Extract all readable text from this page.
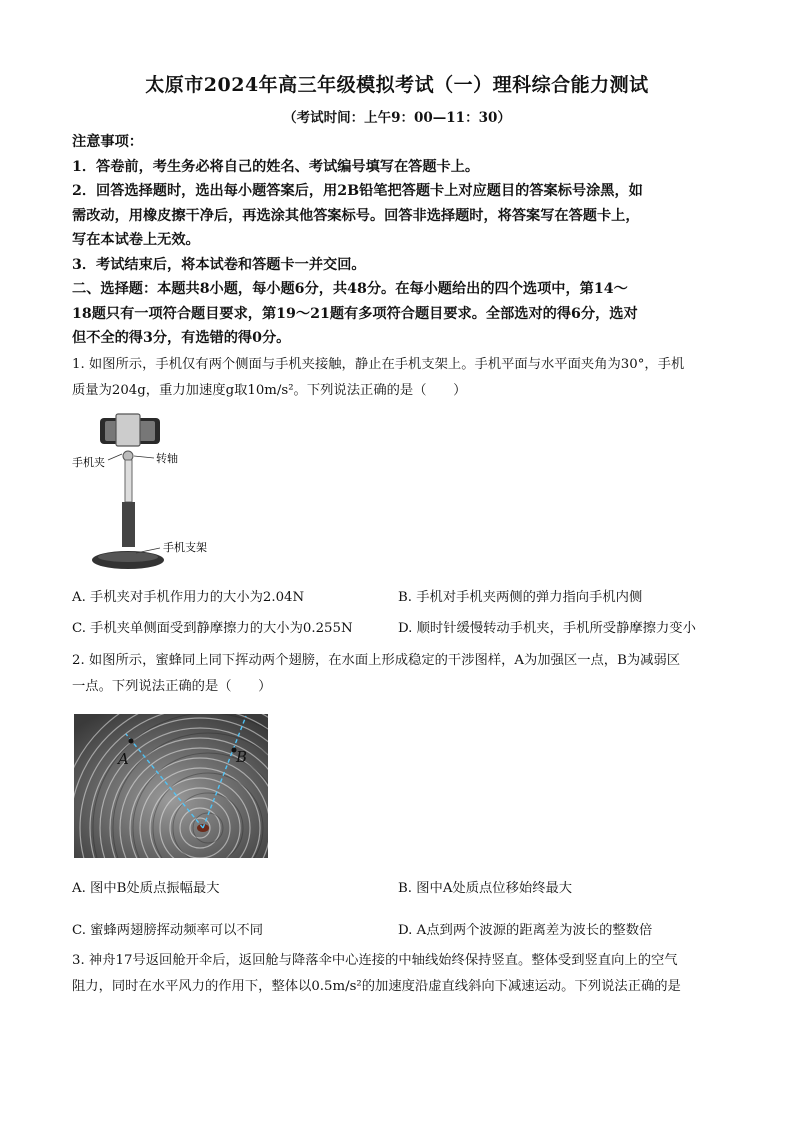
太原市2024年高三年级模拟考试（一）理科综合能力测试
（考试时间：上午9：00—11：30）
注意事项：
1．答卷前，考生务必将自己的姓名、考试编号填写在答题卡上。
2．回答选择题时，选出每小题答案后，用2B铅笔把答题卡上对应题目的答案标号涂黑，如
需改动，用橡皮擦干净后，再选涂其他答案标号。回答非选择题时，将答案写在答题卡上，
写在本试卷上无效。
3．考试结束后，将本试卷和答题卡一并交回。
二、选择题：本题共8小题，每小题6分，共48分。在每小题给出的四个选项中，第14～
18题只有一项符合题目要求，第19～21题有多项符合题目要求。全部选对的得6分，选对
但不全的得3分，有选错的得0分。
1. 如图所示，手机仅有两个侧面与手机夹接触，静止在手机支架上。手机平面与水平面夹角为30°，手机
质量为204g，重力加速度g取10m/s²。下列说法正确的是（　　）
手机夹	转轴
手机支架
A. 手机夹对手机作用力的大小为2.04N	B. 手机对手机夹两侧的弹力指向手机内侧
C. 手机夹单侧面受到静摩擦力的大小为0.255N	D. 顺时针缓慢转动手机夹，手机所受静摩擦力变小
2. 如图所示，蜜蜂同上同下挥动两个翅膀，在水面上形成稳定的干涉图样，A为加强区一点，B为减弱区
一点。下列说法正确的是（　　）
A	B
A. 图中B处质点振幅最大	B. 图中A处质点位移始终最大
C. 蜜蜂两翅膀挥动频率可以不同	D. A点到两个波源的距离差为波长的整数倍
3. 神舟17号返回舱开伞后，返回舱与降落伞中心连接的中轴线始终保持竖直。整体受到竖直向上的空气
阻力，同时在水平风力的作用下，整体以0.5m/s²的加速度沿虚直线斜向下减速运动。下列说法正确的是
